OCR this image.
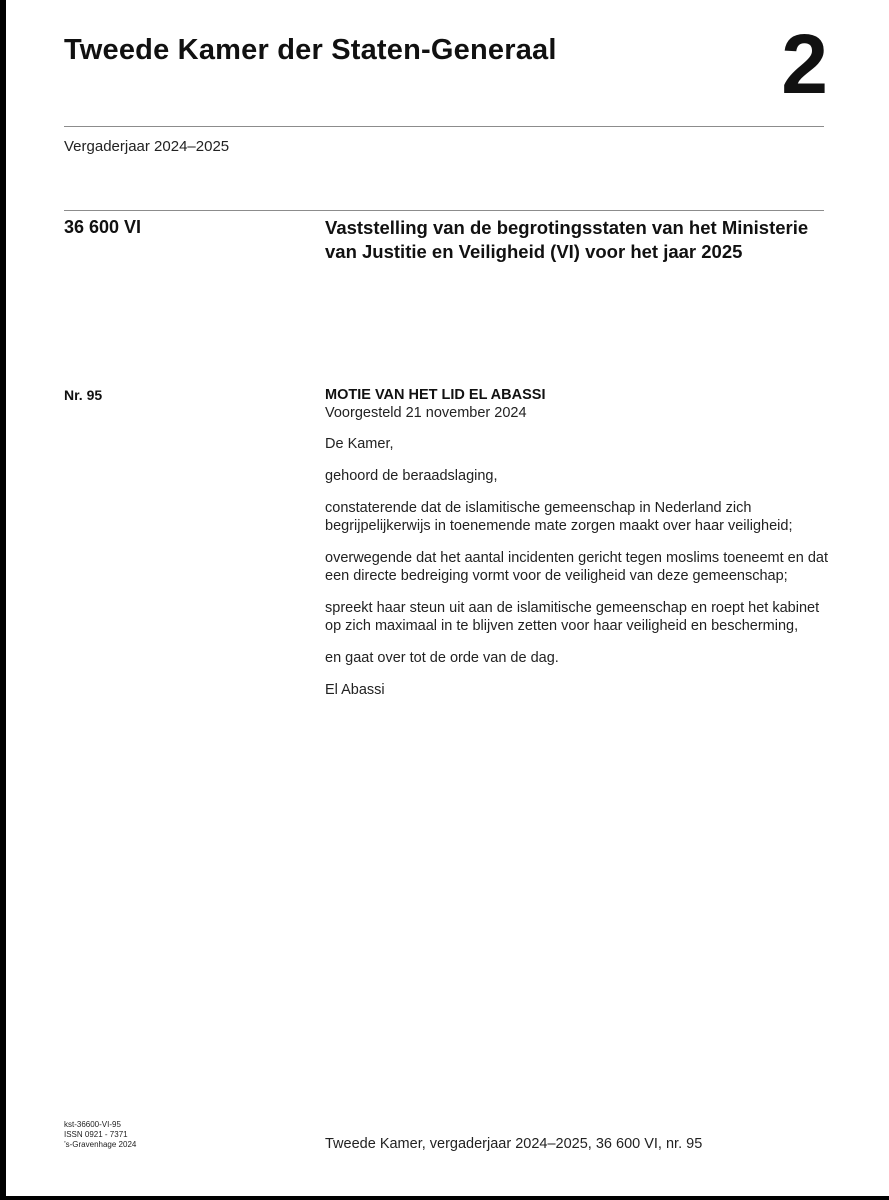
Tweede Kamer der Staten-Generaal	2
Vergaderjaar 2024–2025
36 600 VI	Vaststelling van de begrotingsstaten van het Ministerie van Justitie en Veiligheid (VI) voor het jaar 2025
Nr. 95	MOTIE VAN HET LID EL ABASSI

Voorgesteld 21 november 2024

De Kamer,

gehoord de beraadslaging,

constaterende dat de islamitische gemeenschap in Nederland zich begrijpelijkerwijs in toenemende mate zorgen maakt over haar veiligheid;

overwegende dat het aantal incidenten gericht tegen moslims toeneemt en dat een directe bedreiging vormt voor de veiligheid van deze gemeenschap;

spreekt haar steun uit aan de islamitische gemeenschap en roept het kabinet op zich maximaal in te blijven zetten voor haar veiligheid en bescherming,

en gaat over tot de orde van de dag.

El Abassi

kst-36600-VI-95
ISSN 0921 - 7371
’s-Gravenhage 2024	Tweede Kamer, vergaderjaar 2024–2025, 36 600 VI, nr. 95
